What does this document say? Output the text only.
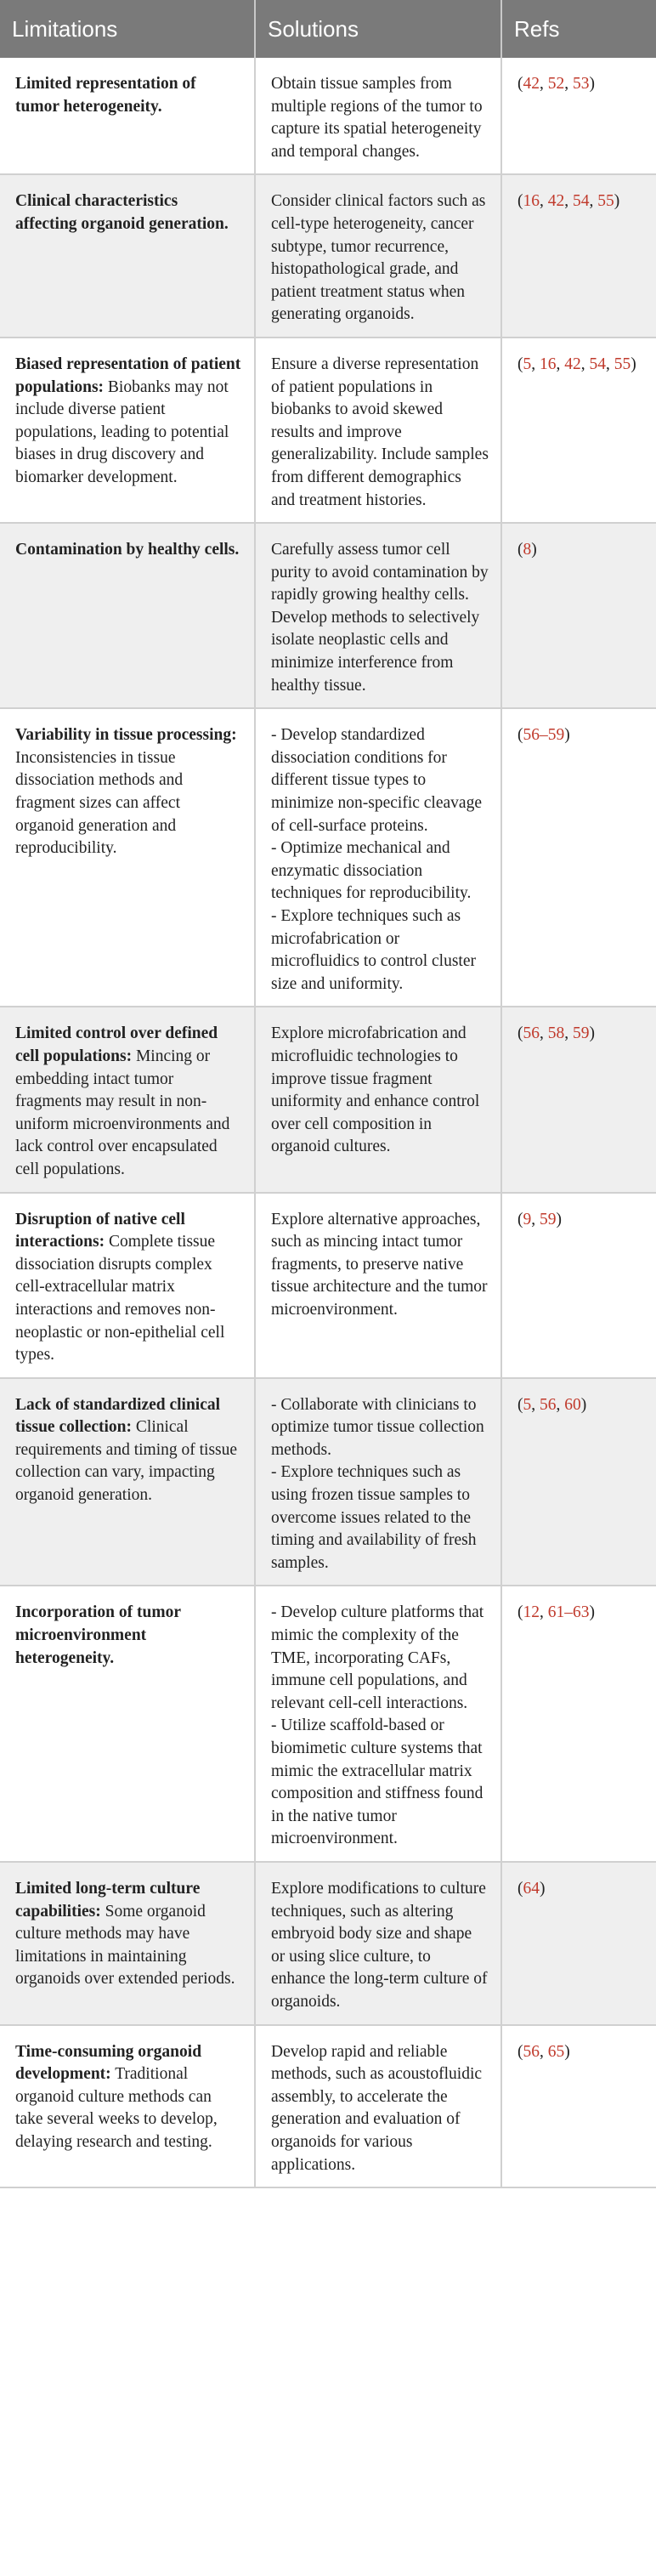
Limitations	Solutions	Refs
Limited representation of tumor heterogeneity.	Obtain tissue samples from multiple regions of the tumor to capture its spatial heterogeneity and temporal changes.	(42, 52, 53)
Clinical characteristics affecting organoid generation.	Consider clinical factors such as cell-type heterogeneity, cancer subtype, tumor recurrence, histopathological grade, and patient treatment status when generating organoids.	(16, 42, 54, 55)
Biased representation of patient populations: Biobanks may not include diverse patient populations, leading to potential biases in drug discovery and biomarker development.	Ensure a diverse representation of patient populations in biobanks to avoid skewed results and improve generalizability. Include samples from different demographics and treatment histories.	(5, 16, 42, 54, 55)
Contamination by healthy cells.	Carefully assess tumor cell purity to avoid contamination by rapidly growing healthy cells. Develop methods to selectively isolate neoplastic cells and minimize interference from healthy tissue.	(8)
Variability in tissue processing: Inconsistencies in tissue dissociation methods and fragment sizes can affect organoid generation and reproducibility.	- Develop standardized dissociation conditions for different tissue types to minimize non-specific cleavage of cell-surface proteins.
- Optimize mechanical and enzymatic dissociation techniques for reproducibility.
- Explore techniques such as microfabrication or microfluidics to control cluster size and uniformity.	(56–59)
Limited control over defined cell populations: Mincing or embedding intact tumor fragments may result in non-uniform microenvironments and lack control over encapsulated cell populations.	Explore microfabrication and microfluidic technologies to improve tissue fragment uniformity and enhance control over cell composition in organoid cultures.	(56, 58, 59)
Disruption of native cell interactions: Complete tissue dissociation disrupts complex cell-extracellular matrix interactions and removes non-neoplastic or non-epithelial cell types.	Explore alternative approaches, such as mincing intact tumor fragments, to preserve native tissue architecture and the tumor microenvironment.	(9, 59)
Lack of standardized clinical tissue collection: Clinical requirements and timing of tissue collection can vary, impacting organoid generation.	- Collaborate with clinicians to optimize tumor tissue collection methods.
- Explore techniques such as using frozen tissue samples to overcome issues related to the timing and availability of fresh samples.	(5, 56, 60)
Incorporation of tumor microenvironment heterogeneity.	- Develop culture platforms that mimic the complexity of the TME, incorporating CAFs, immune cell populations, and relevant cell-cell interactions.
- Utilize scaffold-based or biomimetic culture systems that mimic the extracellular matrix composition and stiffness found in the native tumor microenvironment.	(12, 61–63)
Limited long-term culture capabilities: Some organoid culture methods may have limitations in maintaining organoids over extended periods.	Explore modifications to culture techniques, such as altering embryoid body size and shape or using slice culture, to enhance the long-term culture of organoids.	(64)
Time-consuming organoid development: Traditional organoid culture methods can take several weeks to develop, delaying research and testing.	Develop rapid and reliable methods, such as acoustofluidic assembly, to accelerate the generation and evaluation of organoids for various applications.	(56, 65)
